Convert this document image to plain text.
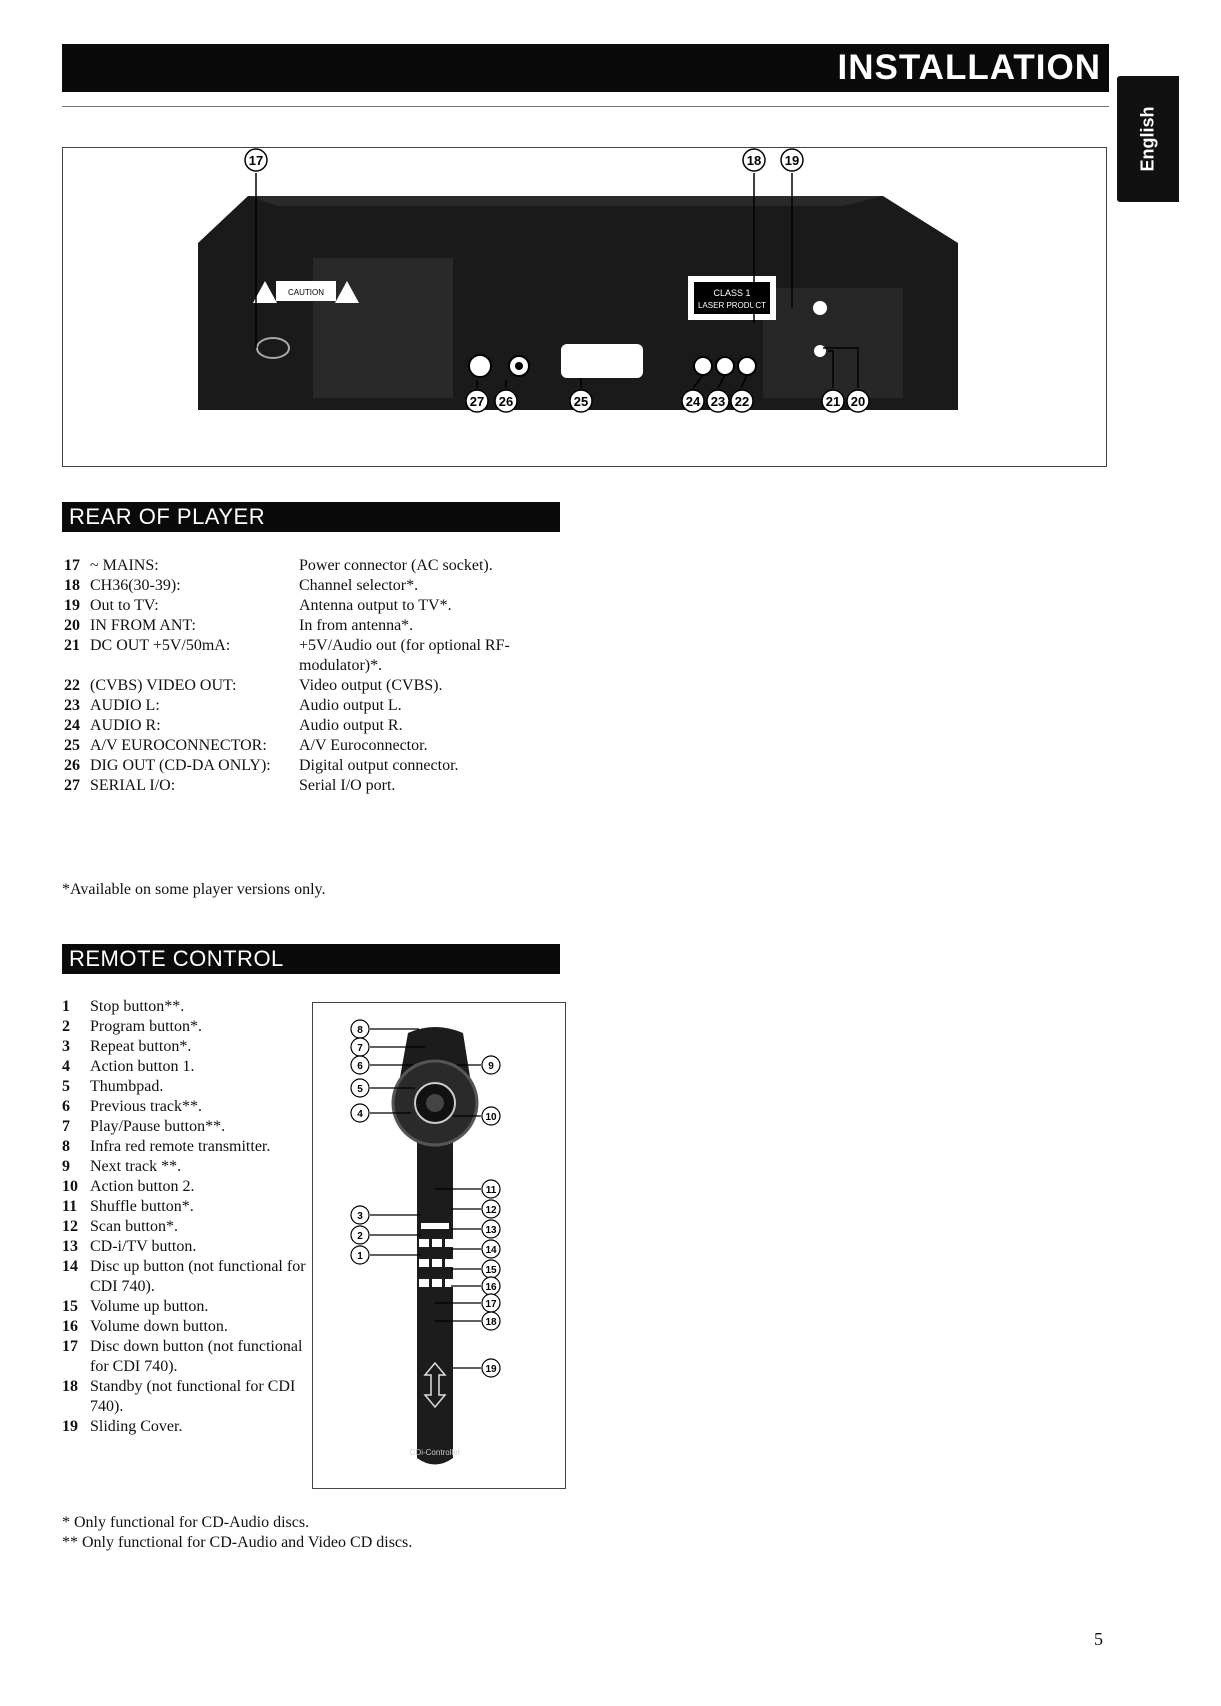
INSTALLATION
English
CAUTION	CLASS 1
LASER PRODUCT
17	18 19
27 26	25	24 23 22	21 20
REAR OF PLAYER
17 ~ MAINS:	Power connector (AC socket).
18 CH36(30-39):	Channel selector*.
19 Out to TV:	Antenna output to TV*.
20 IN FROM ANT:	In from antenna*.
21 DC OUT +5V/50mA:	+5V/Audio out (for optional RF-modulator)*.
22 (CVBS) VIDEO OUT:	Video output (CVBS).
23 AUDIO L:	Audio output L.
24 AUDIO R:	Audio output R.
25 A/V EUROCONNECTOR: A/V Euroconnector.
26 DIG OUT (CD-DA ONLY): Digital output connector.
27 SERIAL I/O:	Serial I/O port.
*Available on some player versions only.
REMOTE CONTROL
1 Stop button**.
2 Program button*.
3 Repeat button*.
4 Action button 1.
5 Thumbpad.
6 Previous track**.
7 Play/Pause button**.
8 Infra red remote transmitter.
9 Next track **.
10 Action button 2.
11 Shuffle button*.
12 Scan button*.
13 CD-i/TV button.
14 Disc up button (not functional for CDI 740).
15 Volume up button.
16 Volume down button.
17 Disc down button (not functional for CDI 740).
18 Standby (not functional for CDI 740).
19 Sliding Cover.
CDi-Controller
8
7
6
5
4
3
2
1
9
10
11
12
13
14
15
16
17
18
19
* Only functional for CD-Audio discs.
** Only functional for CD-Audio and Video CD discs.
5
